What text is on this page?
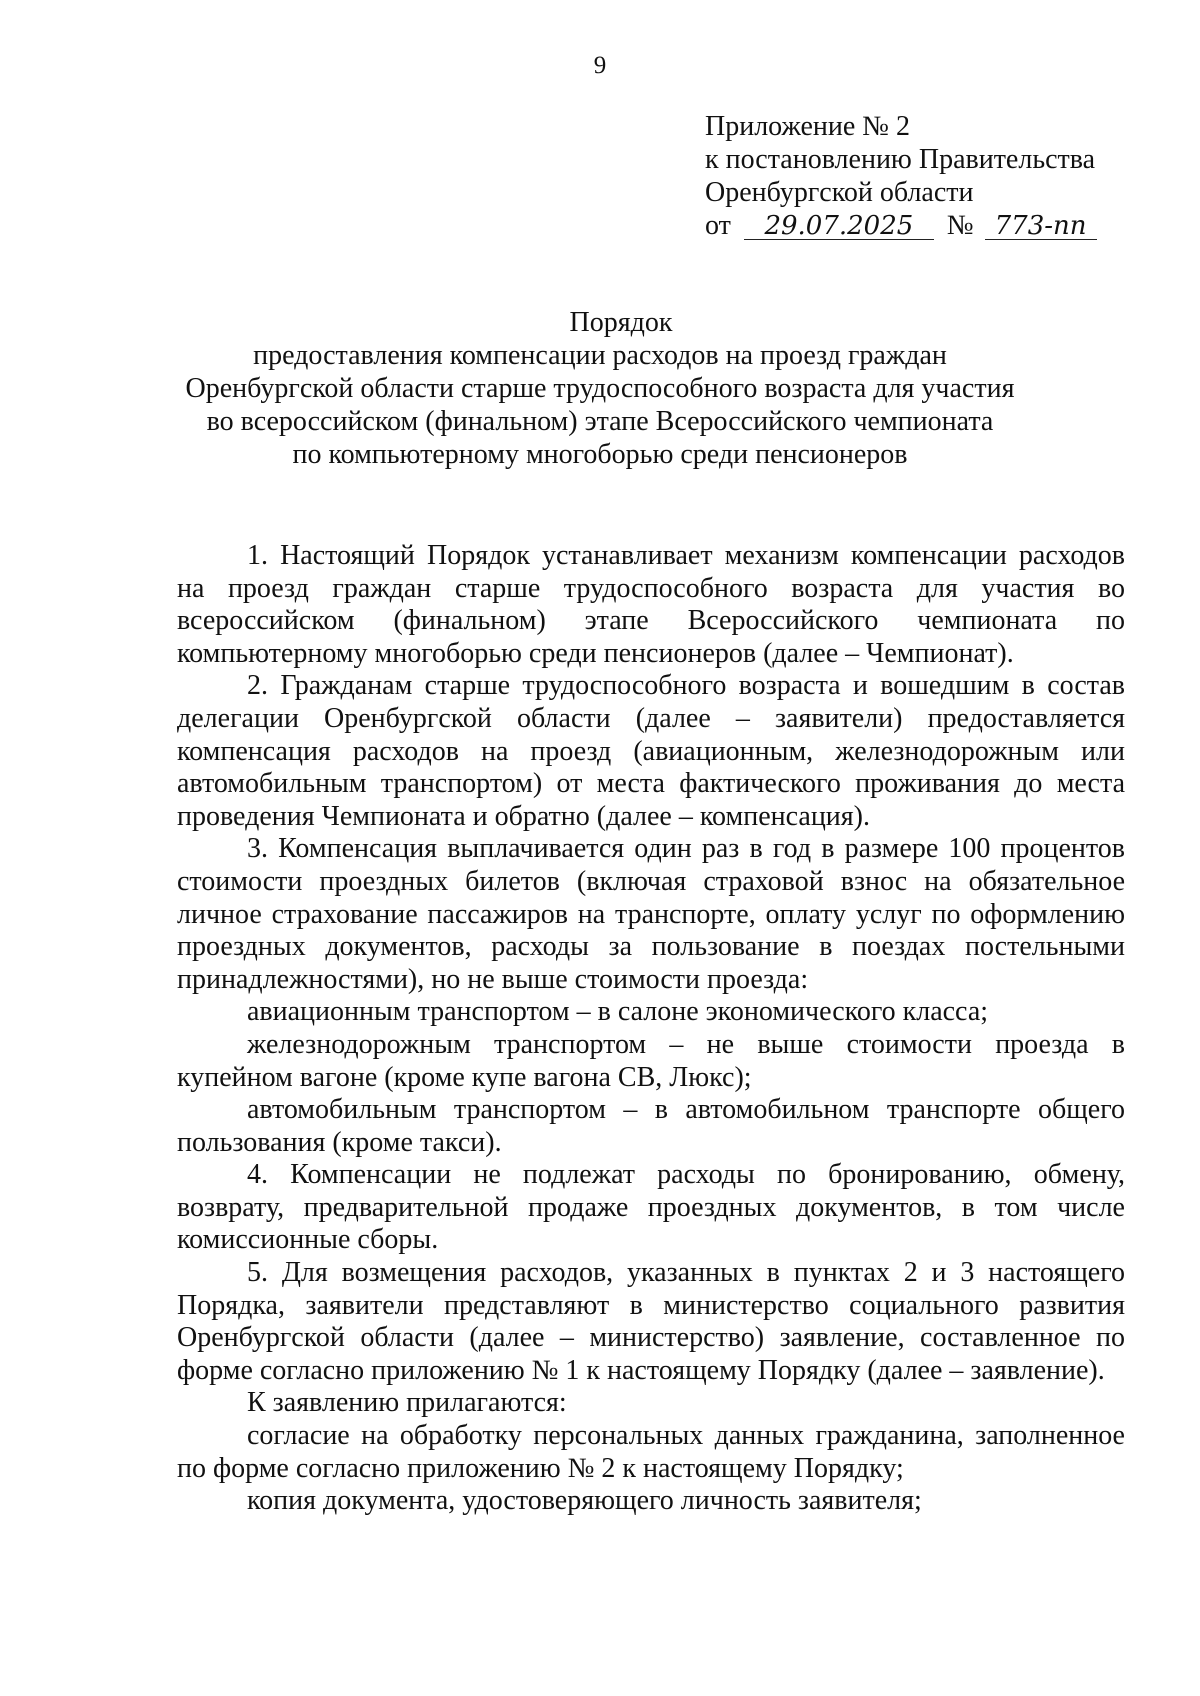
9
Приложение № 2
к постановлению Правительства
Оренбургской области
от 29.07.2025 № 773-пп
Порядок
предоставления компенсации расходов на проезд граждан
Оренбургской области старше трудоспособного возраста для участия
во всероссийском (финальном) этапе Всероссийского чемпионата
по компьютерному многоборью среди пенсионеров

1. Настоящий Порядок устанавливает механизм компенсации расходов на проезд граждан старше трудоспособного возраста для участия во всероссийском (финальном) этапе Всероссийского чемпионата по компьютерному многоборью среди пенсионеров (далее – Чемпионат).

2. Гражданам старше трудоспособного возраста и вошедшим в состав делегации Оренбургской области (далее – заявители) предоставляется компенсация расходов на проезд (авиационным, железнодорожным или автомобильным транспортом) от места фактического проживания до места проведения Чемпионата и обратно (далее – компенсация).

3. Компенсация выплачивается один раз в год в размере 100 процентов стоимости проездных билетов (включая страховой взнос на обязательное личное страхование пассажиров на транспорте, оплату услуг по оформлению проездных документов, расходы за пользование в поездах постельными принадлежностями), но не выше стоимости проезда:

авиационным транспортом – в салоне экономического класса;

железнодорожным транспортом – не выше стоимости проезда в купейном вагоне (кроме купе вагона СВ, Люкс);

автомобильным транспортом – в автомобильном транспорте общего пользования (кроме такси).

4. Компенсации не подлежат расходы по бронированию, обмену, возврату, предварительной продаже проездных документов, в том числе комиссионные сборы.

5. Для возмещения расходов, указанных в пунктах 2 и 3 настоящего Порядка, заявители представляют в министерство социального развития Оренбургской области (далее – министерство) заявление, составленное по форме согласно приложению № 1 к настоящему Порядку (далее – заявление).

К заявлению прилагаются:

согласие на обработку персональных данных гражданина, заполненное по форме согласно приложению № 2 к настоящему Порядку;

копия документа, удостоверяющего личность заявителя;
